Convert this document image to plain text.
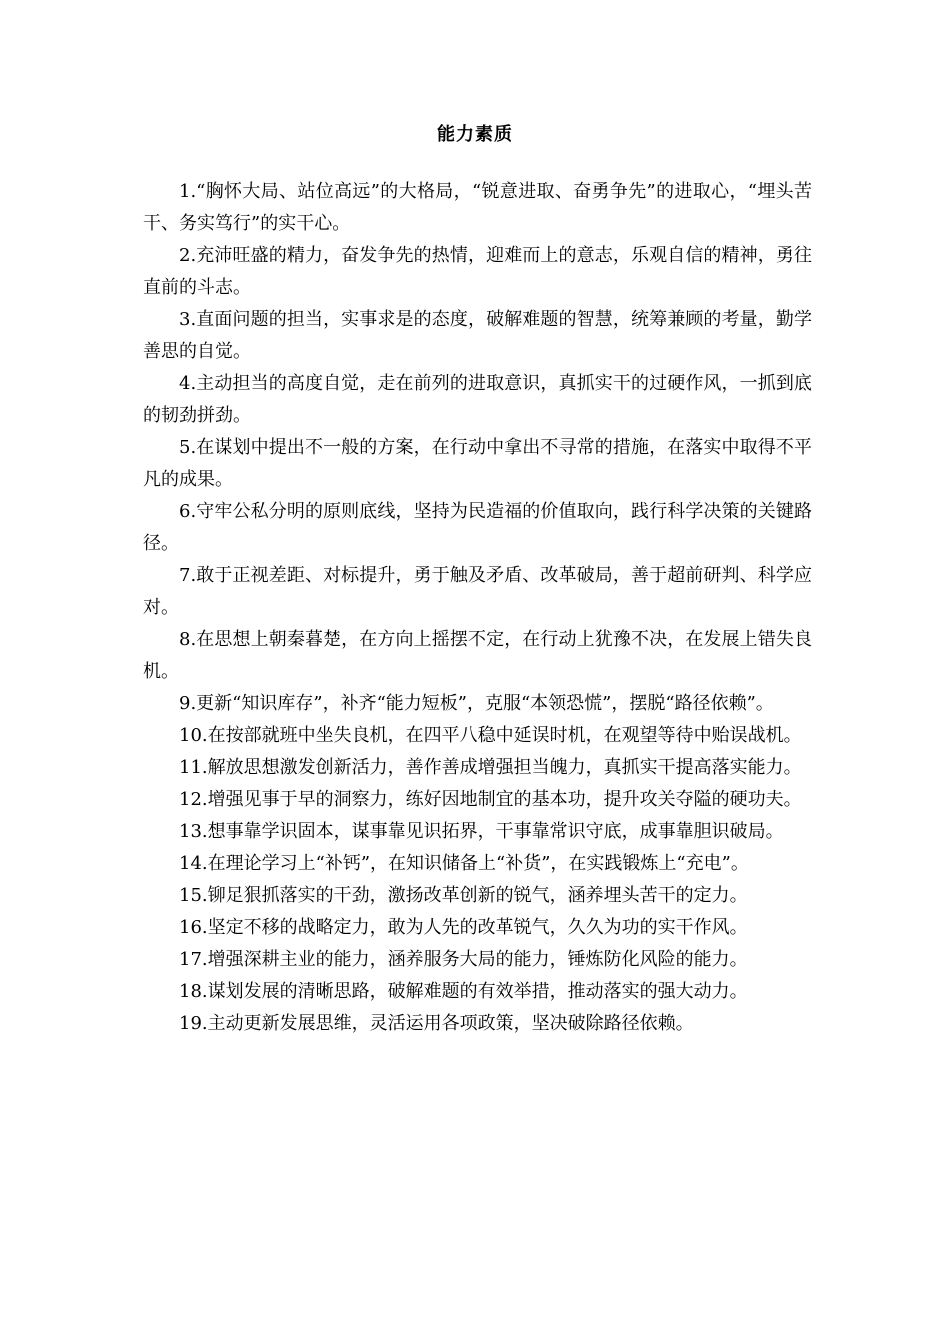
能力素质

1.“胸怀大局、站位高远”的大格局，“锐意进取、奋勇争先”的进取心，“埋头苦干、务实笃行”的实干心。

2.充沛旺盛的精力，奋发争先的热情，迎难而上的意志，乐观自信的精神，勇往直前的斗志。

3.直面问题的担当，实事求是的态度，破解难题的智慧，统筹兼顾的考量，勤学善思的自觉。

4.主动担当的高度自觉，走在前列的进取意识，真抓实干的过硬作风，一抓到底的韧劲拼劲。

5.在谋划中提出不一般的方案，在行动中拿出不寻常的措施，在落实中取得不平凡的成果。

6.守牢公私分明的原则底线，坚持为民造福的价值取向，践行科学决策的关键路径。

7.敢于正视差距、对标提升，勇于触及矛盾、改革破局，善于超前研判、科学应对。

8.在思想上朝秦暮楚，在方向上摇摆不定，在行动上犹豫不决，在发展上错失良机。

9.更新“知识库存”，补齐“能力短板”，克服“本领恐慌”，摆脱“路径依赖”。

10.在按部就班中坐失良机，在四平八稳中延误时机，在观望等待中贻误战机。

11.解放思想激发创新活力，善作善成增强担当魄力，真抓实干提高落实能力。

12.增强见事于早的洞察力，练好因地制宜的基本功，提升攻关夺隘的硬功夫。

13.想事靠学识固本，谋事靠见识拓界，干事靠常识守底，成事靠胆识破局。

14.在理论学习上“补钙”，在知识储备上“补货”，在实践锻炼上“充电”。

15.铆足狠抓落实的干劲，激扬改革创新的锐气，涵养埋头苦干的定力。

16.坚定不移的战略定力，敢为人先的改革锐气，久久为功的实干作风。

17.增强深耕主业的能力，涵养服务大局的能力，锤炼防化风险的能力。

18.谋划发展的清晰思路，破解难题的有效举措，推动落实的强大动力。

19.主动更新发展思维，灵活运用各项政策，坚决破除路径依赖。
